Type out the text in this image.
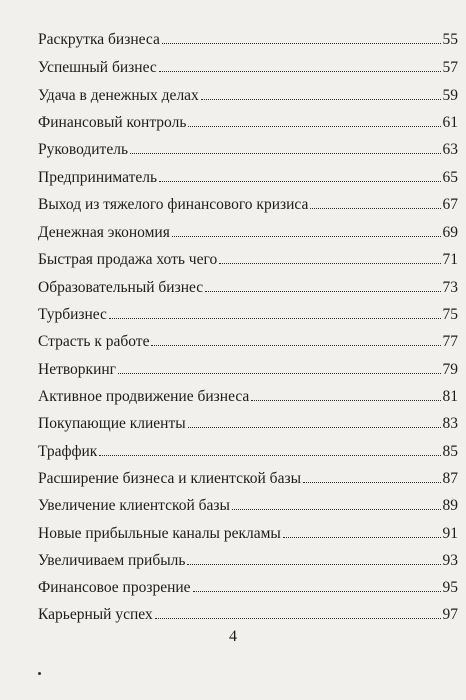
Раскрутка бизнеса	55
Успешный бизнес	57
Удача в денежных делах	59
Финансовый контроль	61
Руководитель	63
Предприниматель	65
Выход из тяжелого финансового кризиса	67
Денежная экономия	69
Быстрая продажа хоть чего	71
Образовательный бизнес	73
Турбизнес	75
Страсть к работе	77
Нетворкинг	79
Активное продвижение бизнеса	81
Покупающие клиенты	83
Траффик	85
Расширение бизнеса и клиентской базы	87
Увеличение клиентской базы	89
Новые прибыльные каналы рекламы	91
Увеличиваем прибыль	93
Финансовое прозрение	95
Карьерный успех	97
4
